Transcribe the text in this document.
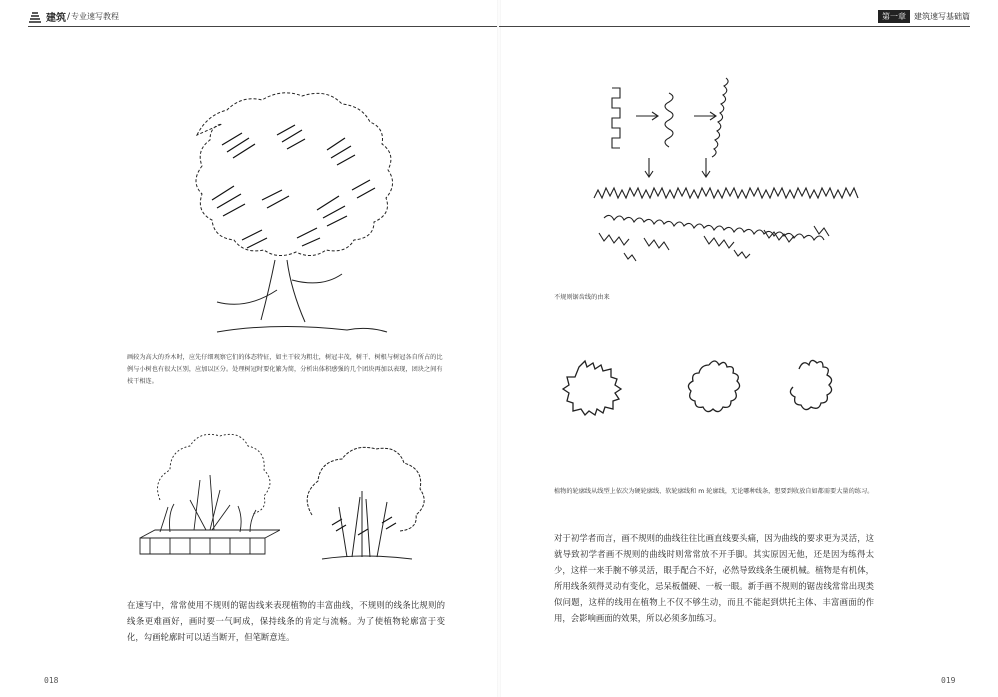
建筑 / 专业速写教程
画较为高大的乔木时，应先仔细观察它们的体态特征，如主干较为粗壮，树冠丰茂，树干、树根与树冠各自所占的比例与小树也有很大区别，应加以区分。处理树冠时要化繁为简，分析出体积感强的几个团块再加以表现，团块之间有枝干相连。
在速写中，常常使用不规则的锯齿线来表现植物的丰富曲线，不规则的线条比规则的线条更难画好，画时要一气呵成，保持线条的肯定与流畅。为了使植物轮廓富于变化，勾画轮廓时可以适当断开，但笔断意连。
018
第一章	建筑速写基础篇
不规则锯齿线的由来
植物的轮廓线从线型上依次为硬轮廓线、软轮廓线和 m 轮廓线，无论哪种线条，想要到收放自如都需要大量的练习。
对于初学者而言，画不规则的曲线往往比画直线要头痛，因为曲线的要求更为灵活，这就导致初学者画不规则的曲线时则常常放不开手脚。其实原因无他，还是因为练得太少，这样一来手腕不够灵活，眼手配合不好，必然导致线条生硬机械。植物是有机体，所用线条须得灵动有变化，忌呆板僵硬、一板一眼。新手画不规则的锯齿线常常出现类似问题，这样的线用在植物上不仅不够生动，而且不能起到烘托主体、丰富画面的作用，会影响画面的效果，所以必须多加练习。
019
